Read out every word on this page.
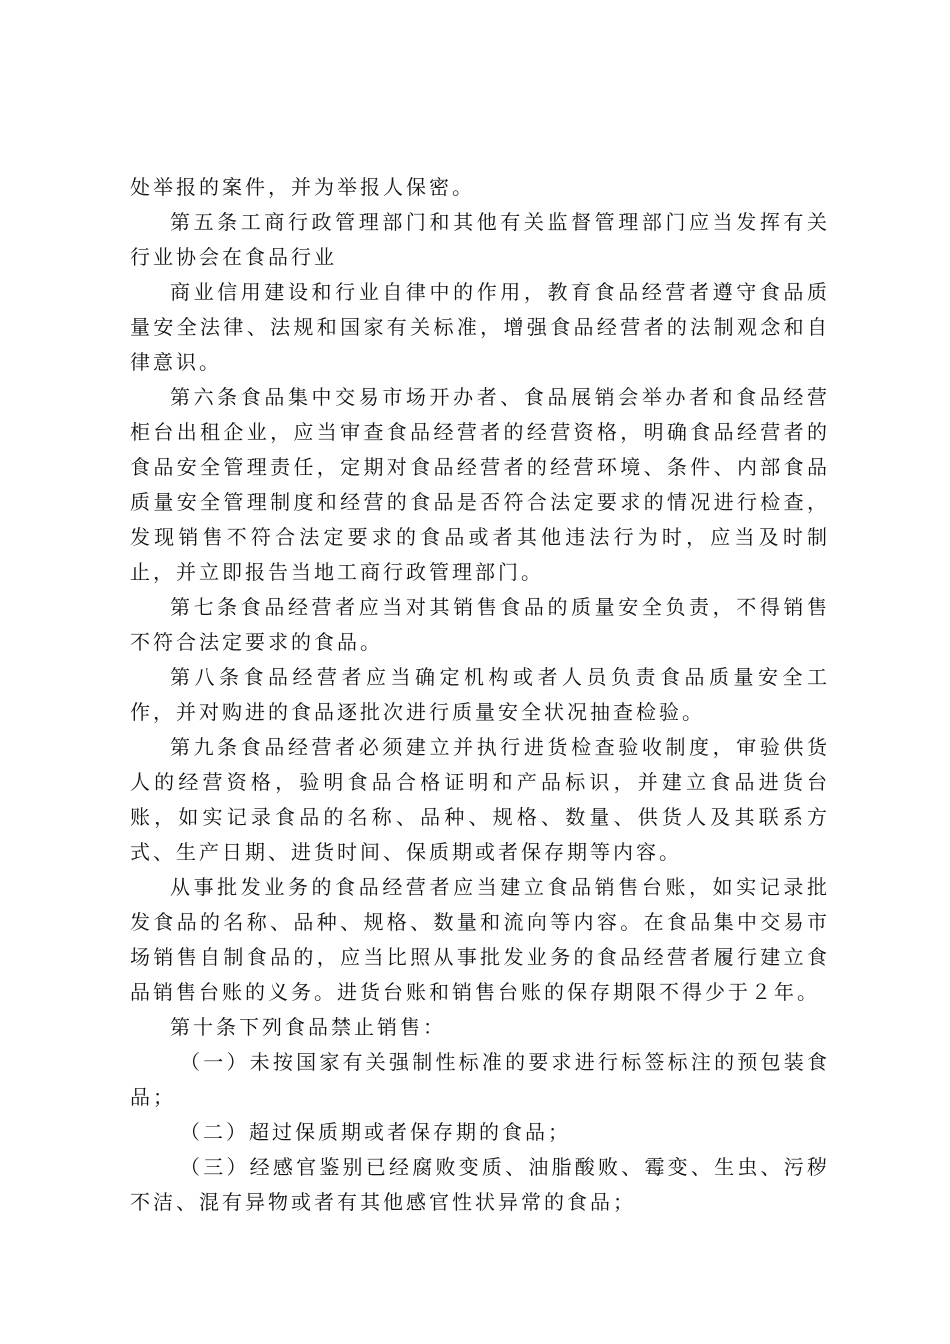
处举报的案件，并为举报人保密。

第五条工商行政管理部门和其他有关监督管理部门应当发挥有关行业协会在食品行业

商业信用建设和行业自律中的作用，教育食品经营者遵守食品质量安全法律、法规和国家有关标准，增强食品经营者的法制观念和自律意识。

第六条食品集中交易市场开办者、食品展销会举办者和食品经营柜台出租企业，应当审查食品经营者的经营资格，明确食品经营者的食品安全管理责任，定期对食品经营者的经营环境、条件、内部食品质量安全管理制度和经营的食品是否符合法定要求的情况进行检查，发现销售不符合法定要求的食品或者其他违法行为时，应当及时制止，并立即报告当地工商行政管理部门。

第七条食品经营者应当对其销售食品的质量安全负责，不得销售不符合法定要求的食品。

第八条食品经营者应当确定机构或者人员负责食品质量安全工作，并对购进的食品逐批次进行质量安全状况抽查检验。

第九条食品经营者必须建立并执行进货检查验收制度，审验供货人的经营资格，验明食品合格证明和产品标识，并建立食品进货台账，如实记录食品的名称、品种、规格、数量、供货人及其联系方式、生产日期、进货时间、保质期或者保存期等内容。

从事批发业务的食品经营者应当建立食品销售台账，如实记录批发食品的名称、品种、规格、数量和流向等内容。在食品集中交易市场销售自制食品的，应当比照从事批发业务的食品经营者履行建立食品销售台账的义务。进货台账和销售台账的保存期限不得少于２年。

第十条下列食品禁止销售：

（一）未按国家有关强制性标准的要求进行标签标注的预包装食品；

（二）超过保质期或者保存期的食品；

（三）经感官鉴别已经腐败变质、油脂酸败、霉变、生虫、污秽不洁、混有异物或者有其他感官性状异常的食品；
